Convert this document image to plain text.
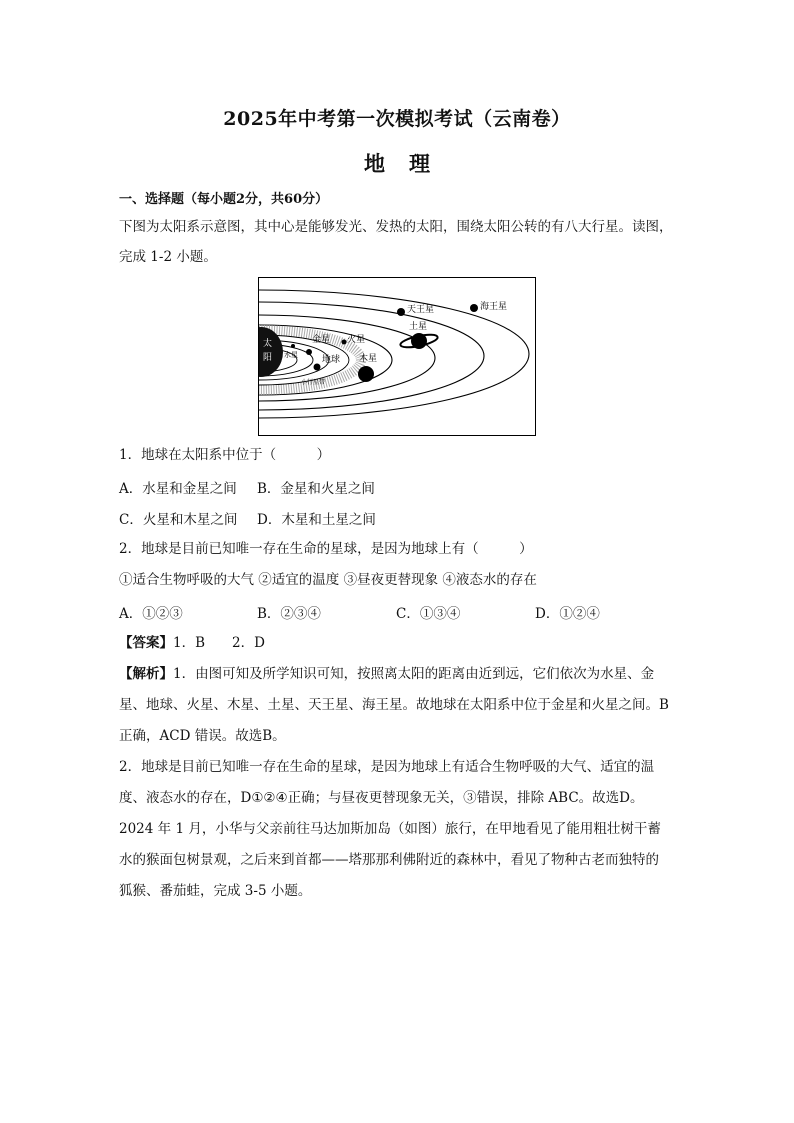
2025年中考第一次模拟考试（云南卷）
地理
一、选择题（每小题2分，共60分）
下图为太阳系示意图，其中心是能够发光、发热的太阳，围绕太阳公转的有八大行星。读图，
完成 1-2 小题。
太
阳 水星
金星
地球
火星
木星
土星
天王星	海王星
小行星带
1．地球在太阳系中位于（　　　）
A．水星和金星之间 B．金星和火星之间
C．火星和木星之间 D．木星和土星之间
2．地球是目前已知唯一存在生命的星球，是因为地球上有（　　　）
①适合生物呼吸的大气 ②适宜的温度 ③昼夜更替现象 ④液态水的存在
A．①②③	B．②③④	C．①③④	D．①②④
【答案】1．B　　2．D
【解析】1．由图可知及所学知识可知，按照离太阳的距离由近到远，它们依次为水星、金
星、地球、火星、木星、土星、天王星、海王星。故地球在太阳系中位于金星和火星之间。B
正确，ACD 错误。故选B。
2．地球是目前已知唯一存在生命的星球，是因为地球上有适合生物呼吸的大气、适宜的温
度、液态水的存在，D①②④正确；与昼夜更替现象无关，③错误，排除 ABC。故选D。
2024 年 1 月，小华与父亲前往马达加斯加岛（如图）旅行，在甲地看见了能用粗壮树干蓄
水的猴面包树景观，之后来到首都——塔那那利佛附近的森林中，看见了物种古老而独特的
狐猴、番茄蛙，完成 3-5 小题。
